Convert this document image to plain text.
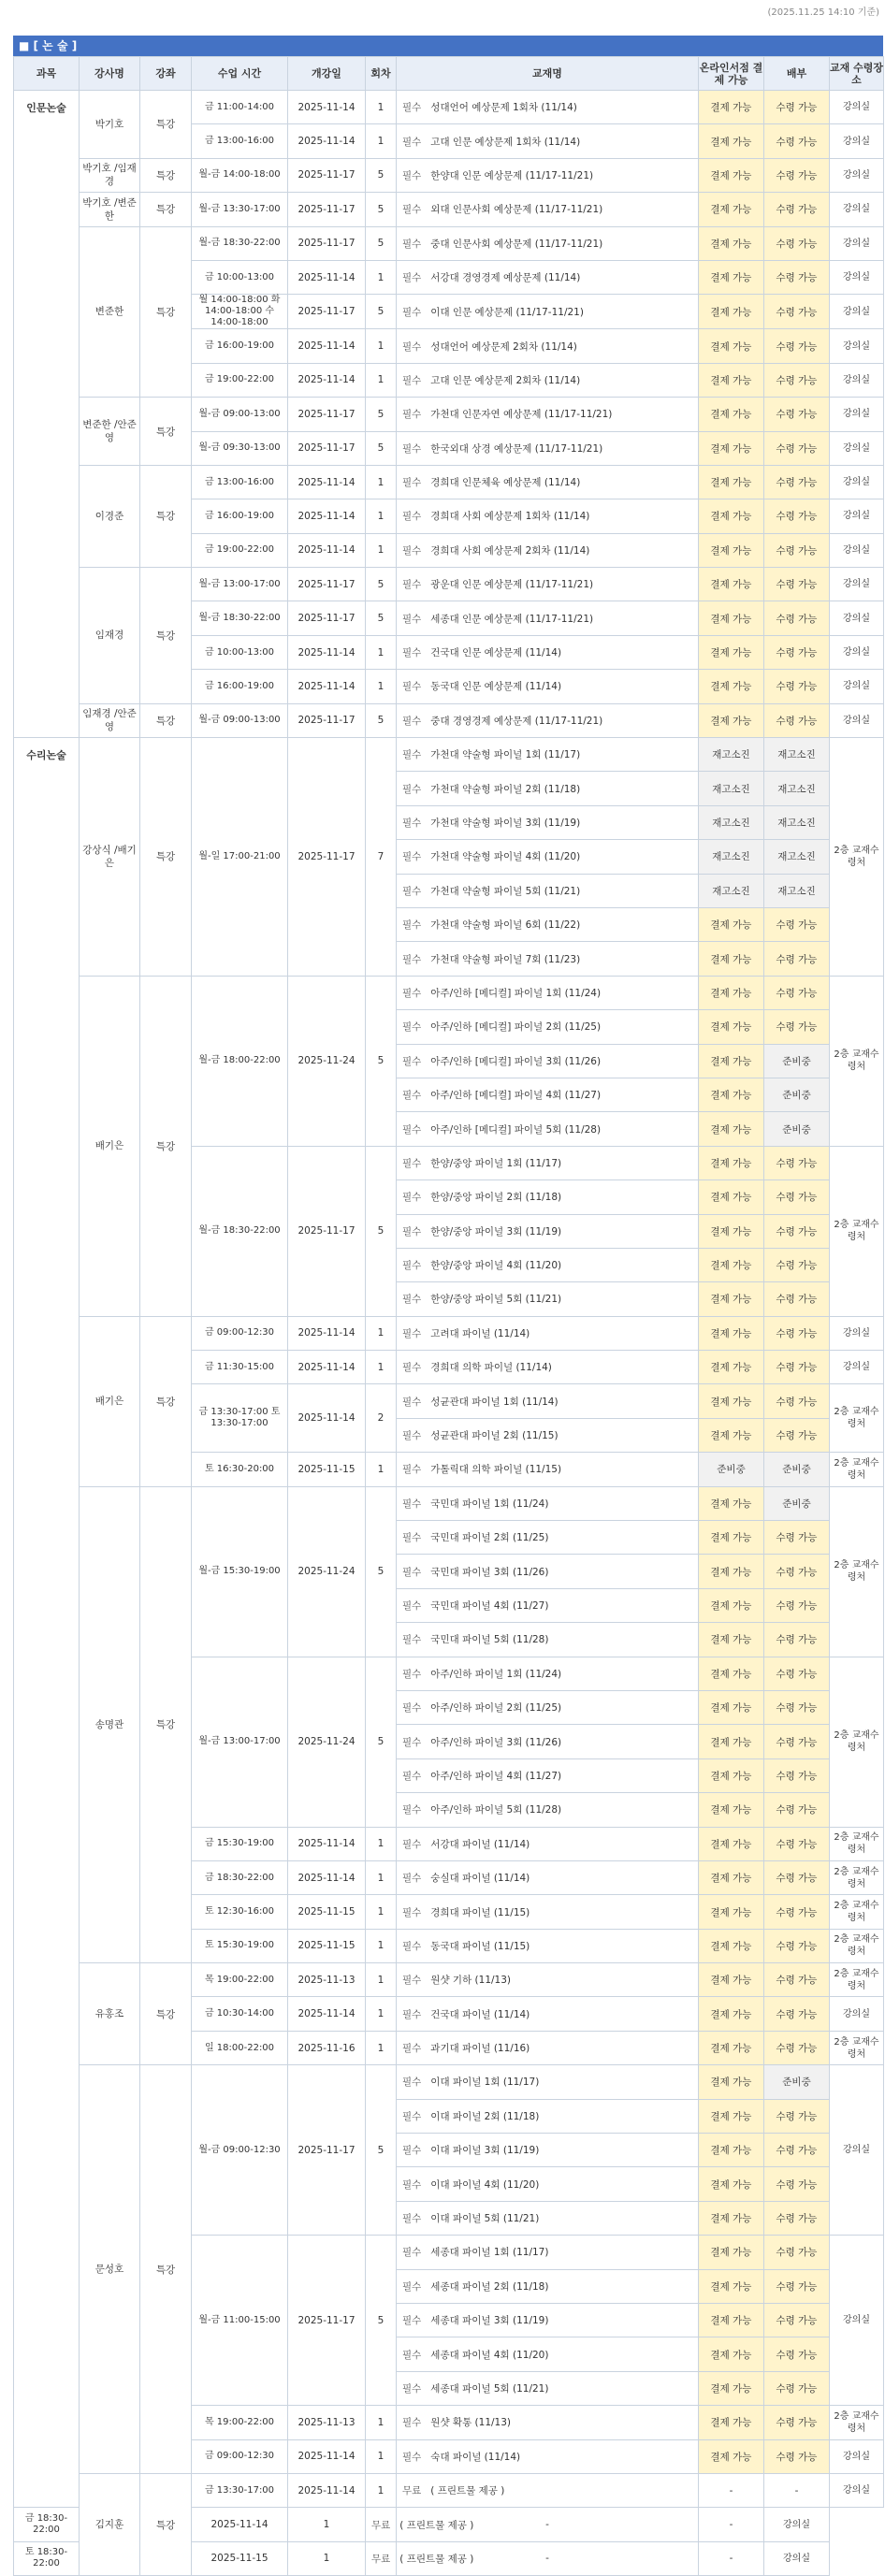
(2025.11.25 14:10 기준)
■ [ 논 술 ]
과목	강사명	강좌	수업 시간	개강일	회차	교재명	온라인서점 결제 가능	배부	교재 수령장소
인문논술	박기호	특강	금 11:00-14:00	2025-11-14	1	필수 성대언어 예상문제 1회차 (11/14)	결제 가능	수령 가능	강의실
			금 13:00-16:00	2025-11-14	1	필수 고대 인문 예상문제 1회차 (11/14)	결제 가능	수령 가능	강의실
	박기호 /임재경	특강	월-금 14:00-18:00	2025-11-17	5	필수 한양대 인문 예상문제 (11/17-11/21)	결제 가능	수령 가능	강의실
	박기호 /변준한	특강	월-금 13:30-17:00	2025-11-17	5	필수 외대 인문사회 예상문제 (11/17-11/21)	결제 가능	수령 가능	강의실
	변준한	특강	월-금 18:30-22:00	2025-11-17	5	필수 중대 인문사회 예상문제 (11/17-11/21)	결제 가능	수령 가능	강의실
			금 10:00-13:00	2025-11-14	1	필수 서강대 경영경제 예상문제 (11/14)	결제 가능	수령 가능	강의실
			월 14:00-18:00 화 14:00-18:00 수 14:00-18:00	2025-11-17	5	필수 이대 인문 예상문제 (11/17-11/21)	결제 가능	수령 가능	강의실
			금 16:00-19:00	2025-11-14	1	필수 성대언어 예상문제 2회차 (11/14)	결제 가능	수령 가능	강의실
			금 19:00-22:00	2025-11-14	1	필수 고대 인문 예상문제 2회차 (11/14)	결제 가능	수령 가능	강의실
	변준한 /안준영	특강	월-금 09:00-13:00	2025-11-17	5	필수 가천대 인문자연 예상문제 (11/17-11/21)	결제 가능	수령 가능	강의실
			월-금 09:30-13:00	2025-11-17	5	필수 한국외대 상경 예상문제 (11/17-11/21)	결제 가능	수령 가능	강의실
	이경준	특강	금 13:00-16:00	2025-11-14	1	필수 경희대 인문체육 예상문제 (11/14)	결제 가능	수령 가능	강의실
			금 16:00-19:00	2025-11-14	1	필수 경희대 사회 예상문제 1회차 (11/14)	결제 가능	수령 가능	강의실
			금 19:00-22:00	2025-11-14	1	필수 경희대 사회 예상문제 2회차 (11/14)	결제 가능	수령 가능	강의실
	임재경	특강	월-금 13:00-17:00	2025-11-17	5	필수 광운대 인문 예상문제 (11/17-11/21)	결제 가능	수령 가능	강의실
			월-금 18:30-22:00	2025-11-17	5	필수 세종대 인문 예상문제 (11/17-11/21)	결제 가능	수령 가능	강의실
			금 10:00-13:00	2025-11-14	1	필수 건국대 인문 예상문제 (11/14)	결제 가능	수령 가능	강의실
			금 16:00-19:00	2025-11-14	1	필수 동국대 인문 예상문제 (11/14)	결제 가능	수령 가능	강의실
	임재경 /안준영	특강	월-금 09:00-13:00	2025-11-17	5	필수 중대 경영경제 예상문제 (11/17-11/21)	결제 가능	수령 가능	강의실
수리논술	강상식 /배기은	특강	월-일 17:00-21:00	2025-11-17	7	필수 가천대 약술형 파이널 1회 (11/17)	재고소진	재고소진	2층 교재수령처
						필수 가천대 약술형 파이널 2회 (11/18)	재고소진	재고소진	
						필수 가천대 약술형 파이널 3회 (11/19)	재고소진	재고소진	
						필수 가천대 약술형 파이널 4회 (11/20)	재고소진	재고소진	
						필수 가천대 약술형 파이널 5회 (11/21)	재고소진	재고소진	
						필수 가천대 약술형 파이널 6회 (11/22)	결제 가능	수령 가능	
						필수 가천대 약술형 파이널 7회 (11/23)	결제 가능	수령 가능	
	배기은	특강	월-금 18:00-22:00	2025-11-24	5	필수 아주/인하 [메디컬] 파이널 1회 (11/24)	결제 가능	수령 가능	2층 교재수령처
						필수 아주/인하 [메디컬] 파이널 2회 (11/25)	결제 가능	수령 가능	
						필수 아주/인하 [메디컬] 파이널 3회 (11/26)	결제 가능	준비중	
						필수 아주/인하 [메디컬] 파이널 4회 (11/27)	결제 가능	준비중	
						필수 아주/인하 [메디컬] 파이널 5회 (11/28)	결제 가능	준비중	
			월-금 18:30-22:00	2025-11-17	5	필수 한양/중앙 파이널 1회 (11/17)	결제 가능	수령 가능	2층 교재수령처
						필수 한양/중앙 파이널 2회 (11/18)	결제 가능	수령 가능	
						필수 한양/중앙 파이널 3회 (11/19)	결제 가능	수령 가능	
						필수 한양/중앙 파이널 4회 (11/20)	결제 가능	수령 가능	
						필수 한양/중앙 파이널 5회 (11/21)	결제 가능	수령 가능	
	배기은	특강	금 09:00-12:30	2025-11-14	1	필수 고려대 파이널 (11/14)	결제 가능	수령 가능	강의실
			금 11:30-15:00	2025-11-14	1	필수 경희대 의학 파이널 (11/14)	결제 가능	수령 가능	강의실
			금 13:30-17:00 토 13:30-17:00	2025-11-14	2	필수 성균관대 파이널 1회 (11/14)	결제 가능	수령 가능	2층 교재수령처
						필수 성균관대 파이널 2회 (11/15)	결제 가능	수령 가능	
			토 16:30-20:00	2025-11-15	1	필수 가톨릭대 의학 파이널 (11/15)	준비중	준비중	2층 교재수령처
	송명관	특강	월-금 15:30-19:00	2025-11-24	5	필수 국민대 파이널 1회 (11/24)	결제 가능	준비중	2층 교재수령처
						필수 국민대 파이널 2회 (11/25)	결제 가능	수령 가능	
						필수 국민대 파이널 3회 (11/26)	결제 가능	수령 가능	
						필수 국민대 파이널 4회 (11/27)	결제 가능	수령 가능	
						필수 국민대 파이널 5회 (11/28)	결제 가능	수령 가능	
			월-금 13:00-17:00	2025-11-24	5	필수 아주/인하 파이널 1회 (11/24)	결제 가능	수령 가능	2층 교재수령처
						필수 아주/인하 파이널 2회 (11/25)	결제 가능	수령 가능	
						필수 아주/인하 파이널 3회 (11/26)	결제 가능	수령 가능	
						필수 아주/인하 파이널 4회 (11/27)	결제 가능	수령 가능	
						필수 아주/인하 파이널 5회 (11/28)	결제 가능	수령 가능	
			금 15:30-19:00	2025-11-14	1	필수 서강대 파이널 (11/14)	결제 가능	수령 가능	2층 교재수령처
			금 18:30-22:00	2025-11-14	1	필수 숭실대 파이널 (11/14)	결제 가능	수령 가능	2층 교재수령처
			토 12:30-16:00	2025-11-15	1	필수 경희대 파이널 (11/15)	결제 가능	수령 가능	2층 교재수령처
			토 15:30-19:00	2025-11-15	1	필수 동국대 파이널 (11/15)	결제 가능	수령 가능	2층 교재수령처
	유홍조	특강	목 19:00-22:00	2025-11-13	1	필수 원샷 기하 (11/13)	결제 가능	수령 가능	2층 교재수령처
			금 10:30-14:00	2025-11-14	1	필수 건국대 파이널 (11/14)	결제 가능	수령 가능	강의실
			일 18:00-22:00	2025-11-16	1	필수 과기대 파이널 (11/16)	결제 가능	수령 가능	2층 교재수령처
	문성호	특강	월-금 09:00-12:30	2025-11-17	5	필수 이대 파이널 1회 (11/17)	결제 가능	준비중	강의실
						필수 이대 파이널 2회 (11/18)	결제 가능	수령 가능	
						필수 이대 파이널 3회 (11/19)	결제 가능	수령 가능	
						필수 이대 파이널 4회 (11/20)	결제 가능	수령 가능	
						필수 이대 파이널 5회 (11/21)	결제 가능	수령 가능	
			월-금 11:00-15:00	2025-11-17	5	필수 세종대 파이널 1회 (11/17)	결제 가능	수령 가능	강의실
						필수 세종대 파이널 2회 (11/18)	결제 가능	수령 가능	
						필수 세종대 파이널 3회 (11/19)	결제 가능	수령 가능	
						필수 세종대 파이널 4회 (11/20)	결제 가능	수령 가능	
						필수 세종대 파이널 5회 (11/21)	결제 가능	수령 가능	
			목 19:00-22:00	2025-11-13	1	필수 원샷 확통 (11/13)	결제 가능	수령 가능	2층 교재수령처
			금 09:00-12:30	2025-11-14	1	필수 숙대 파이널 (11/14)	결제 가능	수령 가능	강의실
	김지훈	특강	금 13:30-17:00	2025-11-14	1	무료 ( 프린트물 제공 )	-	-	강의실
금 18:30-22:00			2025-11-14	1	무료 ( 프린트물 제공 )	-	-	강의실	
토 18:30-22:00			2025-11-15	1	무료 ( 프린트물 제공 )	-	-	강의실	
